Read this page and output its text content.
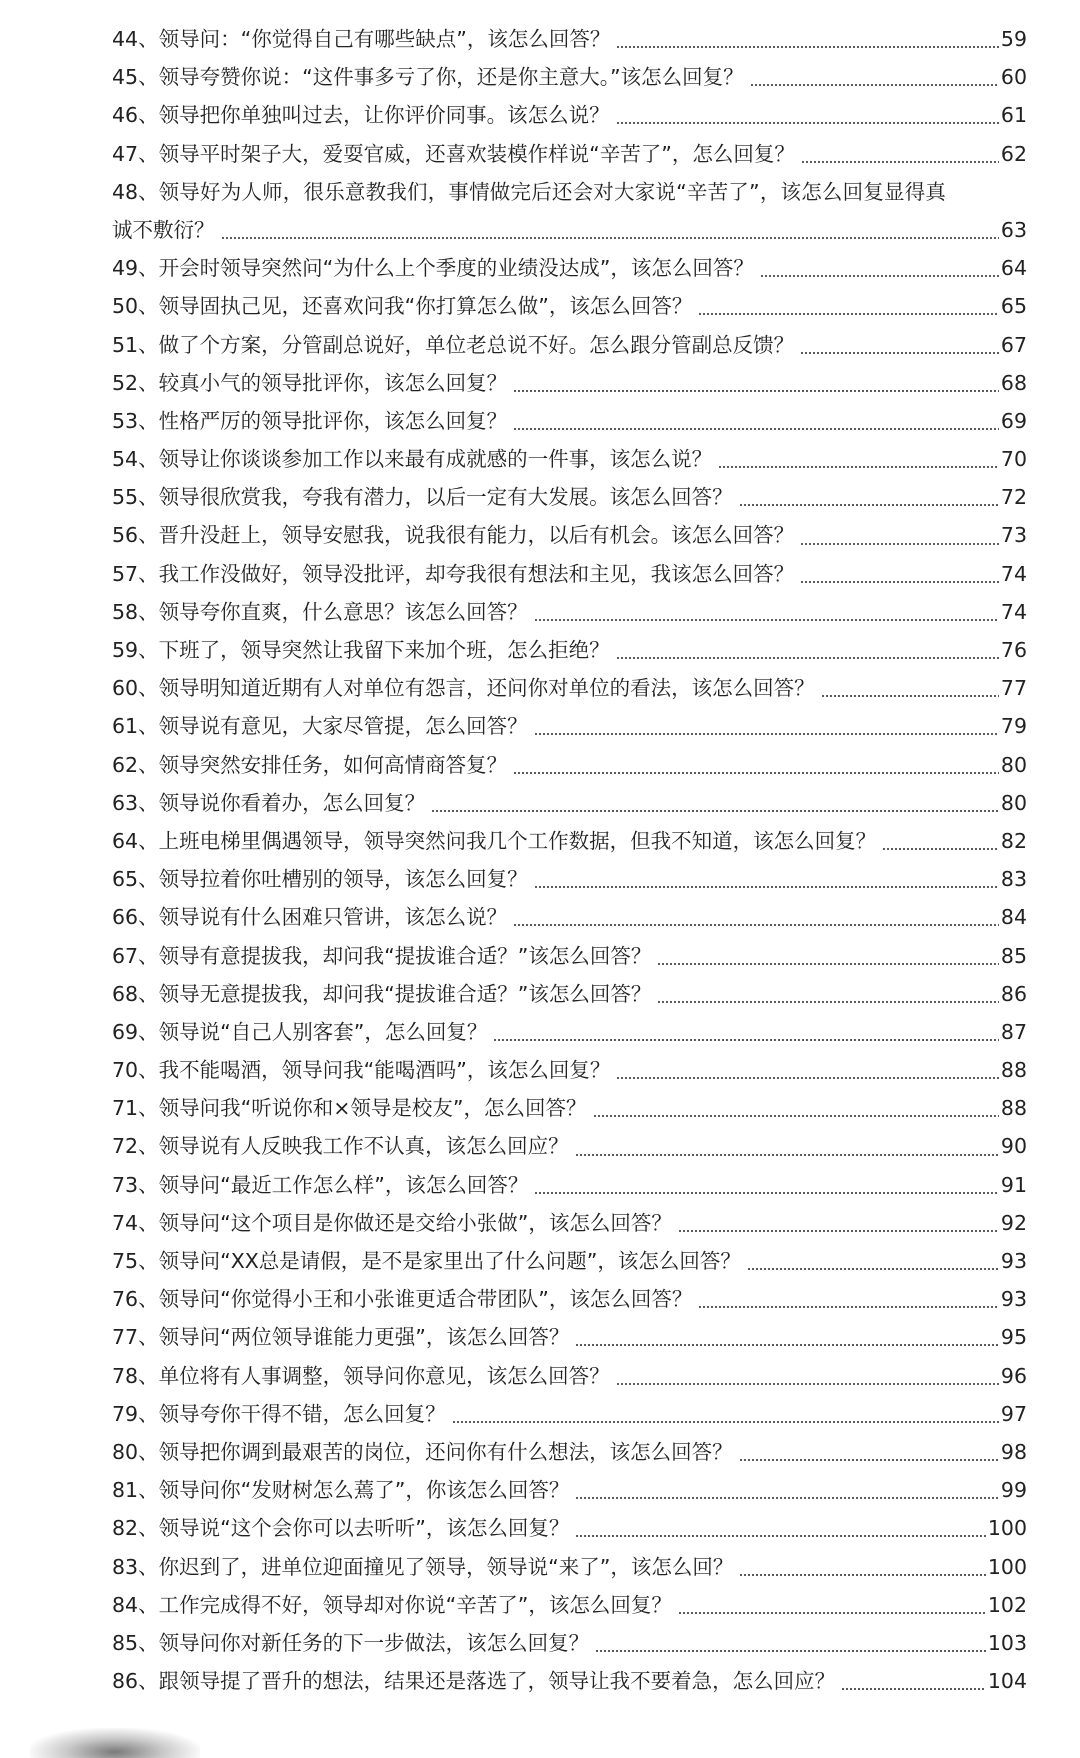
44、 领导问：“你觉得自己有哪些缺点”，该怎么回答？	59
45、 领导夸赞你说：“这件事多亏了你，还是你主意大。”该怎么回复？	60
46、 领导把你单独叫过去，让你评价同事。该怎么说？	61
47、 领导平时架子大，爱耍官威，还喜欢装模作样说“辛苦了”，怎么回复？	62
48、 领导好为人师，很乐意教我们，事情做完后还会对大家说“辛苦了”，该怎么回复显得真
诚不敷衍？	63
49、 开会时领导突然问“为什么上个季度的业绩没达成”，该怎么回答？	64
50、 领导固执己见，还喜欢问我“你打算怎么做”，该怎么回答？	65
51、 做了个方案，分管副总说好，单位老总说不好。怎么跟分管副总反馈？	67
52、 较真小气的领导批评你，该怎么回复？	68
53、 性格严厉的领导批评你，该怎么回复？	69
54、 领导让你谈谈参加工作以来最有成就感的一件事，该怎么说？	70
55、 领导很欣赏我，夸我有潜力，以后一定有大发展。该怎么回答？	72
56、 晋升没赶上，领导安慰我，说我很有能力，以后有机会。该怎么回答？	73
57、 我工作没做好，领导没批评，却夸我很有想法和主见，我该怎么回答？	74
58、 领导夸你直爽，什么意思？该怎么回答？	74
59、 下班了，领导突然让我留下来加个班，怎么拒绝？	76
60、 领导明知道近期有人对单位有怨言，还问你对单位的看法，该怎么回答？	77
61、 领导说有意见，大家尽管提，怎么回答？	79
62、 领导突然安排任务，如何高情商答复？	80
63、 领导说你看着办，怎么回复？	80
64、 上班电梯里偶遇领导，领导突然问我几个工作数据，但我不知道，该怎么回复？	82
65、 领导拉着你吐槽别的领导，该怎么回复？	83
66、 领导说有什么困难只管讲，该怎么说？	84
67、 领导有意提拔我，却问我“提拔谁合适？”该怎么回答？	85
68、 领导无意提拔我，却问我“提拔谁合适？”该怎么回答？	86
69、 领导说“自己人别客套”，怎么回复？	87
70、 我不能喝酒，领导问我“能喝酒吗”，该怎么回复？	88
71、 领导问我“听说你和×领导是校友”，怎么回答？	88
72、 领导说有人反映我工作不认真，该怎么回应？	90
73、 领导问“最近工作怎么样”，该怎么回答？	91
74、 领导问“这个项目是你做还是交给小张做”，该怎么回答？	92
75、 领导问“XX总是请假，是不是家里出了什么问题”，该怎么回答？	93
76、 领导问“你觉得小王和小张谁更适合带团队”，该怎么回答？	93
77、 领导问“两位领导谁能力更强”，该怎么回答？	95
78、 单位将有人事调整，领导问你意见，该怎么回答？	96
79、 领导夸你干得不错，怎么回复？	97
80、 领导把你调到最艰苦的岗位，还问你有什么想法，该怎么回答？	98
81、 领导问你“发财树怎么蔫了”，你该怎么回答？	99
82、 领导说“这个会你可以去听听”，该怎么回复？	100
83、 你迟到了，进单位迎面撞见了领导，领导说“来了”，该怎么回？	100
84、 工作完成得不好，领导却对你说“辛苦了”，该怎么回复？	102
85、 领导问你对新任务的下一步做法，该怎么回复？	103
86、 跟领导提了晋升的想法，结果还是落选了，领导让我不要着急，怎么回应？	104
